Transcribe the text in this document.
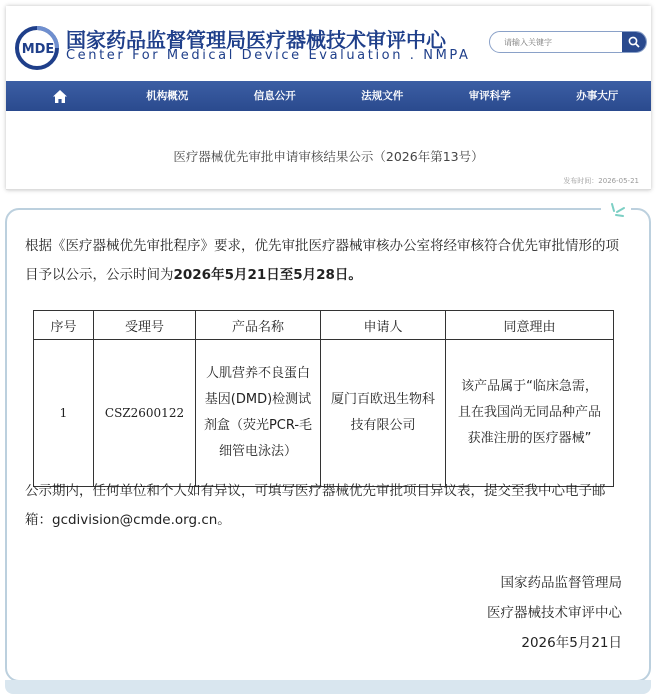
MDE 国家药品监督管理局医疗器械技术审评中心
Center For Medical Device Evaluation . NMPA
请输入关键字
机构概况	信息公开	法规文件	审评科学	办事大厅
医疗器械优先审批申请审核结果公示（2026年第13号）
发布时间：2026-05-21

根据《医疗器械优先审批程序》要求，优先审批医疗器械审核办公室将经审核符合优先审批情形的项目予以公示，公示时间为2026年5月21日至5月28日。

序号	受理号	产品名称	申请人	同意理由
1	CSZ2600122	人肌营养不良蛋白基因(DMD)检测试剂盒（荧光PCR-毛细管电泳法）	厦门百欧迅生物科技有限公司	该产品属于“临床急需，且在我国尚无同品种产品获准注册的医疗器械”

公示期内，任何单位和个人如有异议，可填写医疗器械优先审批项目异议表，提交至我中心电子邮箱：gcdivision@cmde.org.cn。

国家药品监督管理局
医疗器械技术审评中心
2026年5月21日
